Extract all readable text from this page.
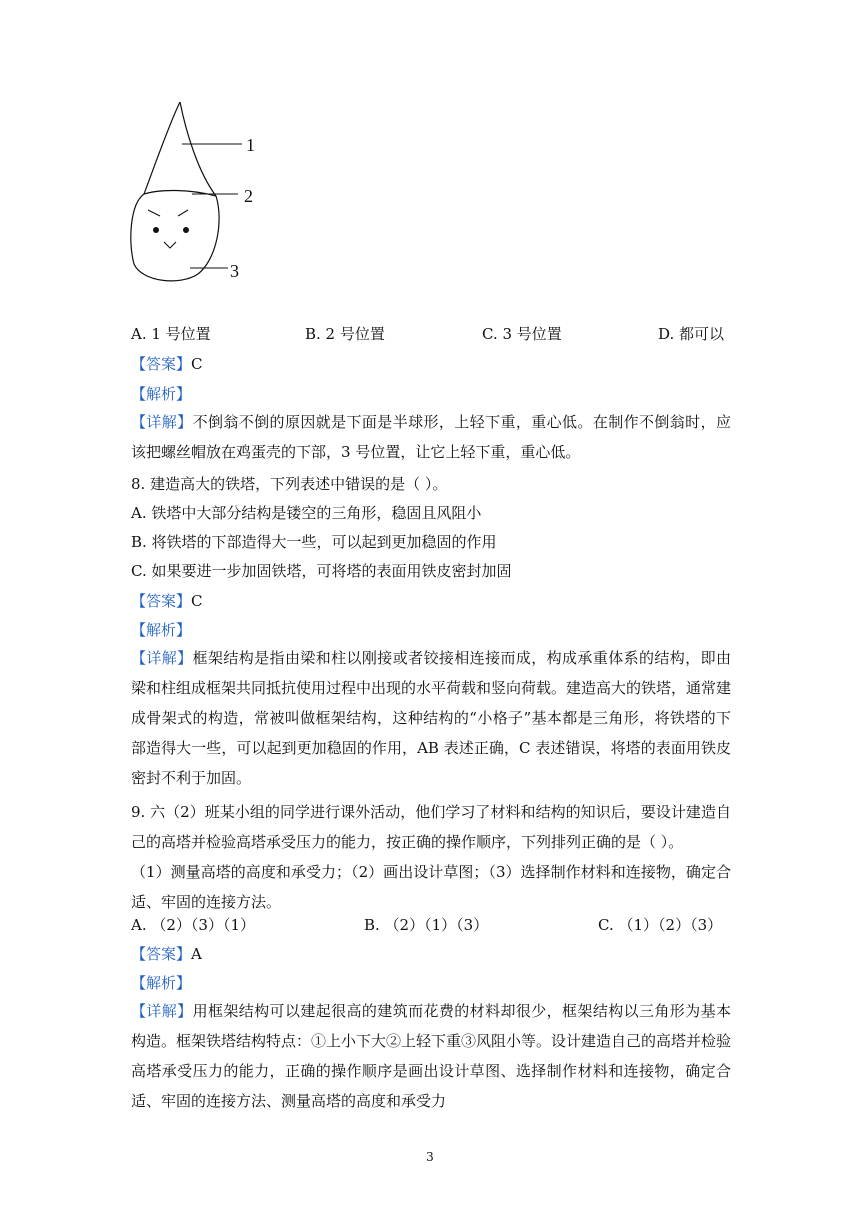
1
2
3
A. 1 号位置	B. 2 号位置	C. 3 号位置	D. 都可以
【答案】C
【解析】
【详解】不倒翁不倒的原因就是下面是半球形，上轻下重，重心低。在制作不倒翁时，应该把螺丝帽放在鸡蛋壳的下部，3 号位置，让它上轻下重，重心低。
8. 建造高大的铁塔，下列表述中错误的是（ ）。
A. 铁塔中大部分结构是镂空的三角形，稳固且风阻小
B. 将铁塔的下部造得大一些，可以起到更加稳固的作用
C. 如果要进一步加固铁塔，可将塔的表面用铁皮密封加固
【答案】C
【解析】
【详解】框架结构是指由梁和柱以刚接或者铰接相连接而成，构成承重体系的结构，即由梁和柱组成框架共同抵抗使用过程中出现的水平荷载和竖向荷载。建造高大的铁塔，通常建成骨架式的构造，常被叫做框架结构，这种结构的“小格子”基本都是三角形，将铁塔的下部造得大一些，可以起到更加稳固的作用，AB 表述正确，C 表述错误，将塔的表面用铁皮密封不利于加固。
9. 六（2）班某小组的同学进行课外活动，他们学习了材料和结构的知识后，要设计建造自己的高塔并检验高塔承受压力的能力，按正确的操作顺序，下列排列正确的是（ ）。
（1）测量高塔的高度和承受力；（2）画出设计草图；（3）选择制作材料和连接物，确定合适、牢固的连接方法。
A. （2）（3）（1）	B. （2）（1）（3）	C. （1）（2）（3）
【答案】A
【解析】
【详解】用框架结构可以建起很高的建筑而花费的材料却很少，框架结构以三角形为基本构造。框架铁塔结构特点：①上小下大②上轻下重③风阻小等。设计建造自己的高塔并检验高塔承受压力的能力，正确的操作顺序是画出设计草图、选择制作材料和连接物，确定合适、牢固的连接方法、测量高塔的高度和承受力
3
